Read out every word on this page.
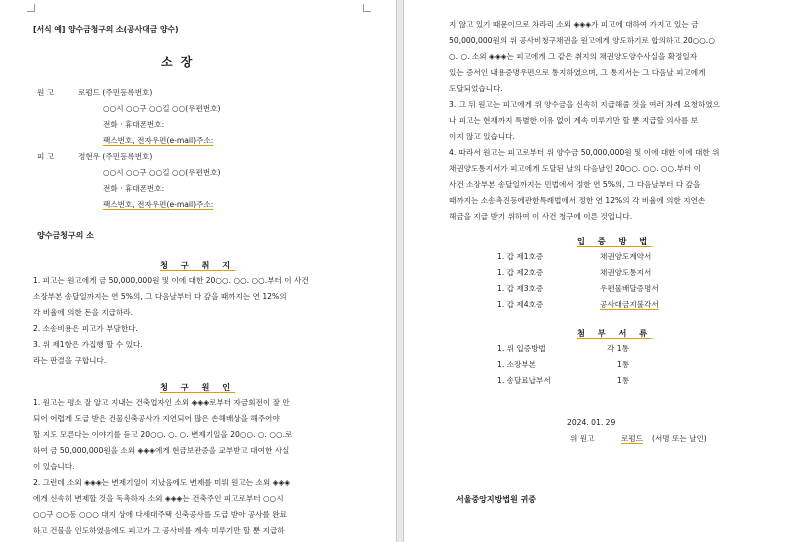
[서식 예] 양수금청구의 소(공사대금 양수)
소 장
원 고	로펌드 (주민등록번호)
○○시 ○○구 ○○길 ○○(우편번호)
전화 · 휴대폰번호:
팩스번호, 전자우편(e-mail)주소:
피 고	정현우 (주민등록번호)
○○시 ○○구 ○○길 ○○(우편번호)
전화 · 휴대폰번호:
팩스번호, 전자우편(e-mail)주소:
양수금청구의 소
청 구 취 지
1. 피고는 원고에게 금 50,000,000원 및 이에 대한 20○○. ○○. ○○.부터 이 사건
소장부본 송달일까지는 연 5%의, 그 다음날부터 다 갚을 때까지는 연 12%의
각 비율에 의한 돈을 지급하라.
2. 소송비용은 피고가 부담한다.
3. 위 제1항은 가집행 할 수 있다.
라는 판결을 구합니다.
청 구 원 인
1. 원고는 평소 잘 알고 지내는 건축업자인 소외 ◈◈◈로부터 자금회전이 잘 안
되어 어렵게 도급 받은 건물신축공사가 지연되어 많은 손해배상을 해주어야
할 지도 모른다는 이야기를 듣고 20○○. ○. ○. 변제기일을 20○○. ○. ○○.로
하여 금 50,000,000원을 소외 ◈◈◈에게 현금보관증을 교부받고 대여한 사실
이 있습니다.
2. 그런데 소외 ◈◈◈는 변제기일이 지났음에도 변제를 미뤄 원고는 소외 ◈◈◈
에게 신속히 변제할 것을 독촉하자 소외 ◈◈◈는 건축주인 피고로부터 ○○시
○○구 ○○동 ○○○ 대지 상에 다세대주택 신축공사를 도급 받아 공사를 완료
하고 건물을 인도하였음에도 피고가 그 공사비를 계속 미루기만 할 뿐 지급하
지 않고 있기 때문이므로 차라리 소외 ◈◈◈가 피고에 대하여 가지고 있는 금
50,000,000원의 위 공사비청구채권을 원고에게 양도하기로 합의하고 20○○.○
○. ○. 소외 ◈◈◈는 피고에게 그 같은 취지의 채권양도양수사실을 확정일자
있는 증서인 내용증명우편으로 통지하였으며, 그 통지서는 그 다음날 피고에게
도달되었습니다.
3. 그 뒤 원고는 피고에게 위 양수금을 신속히 지급해줄 것을 여러 차례 요청하였으
나 피고는 현재까지 특별한 이유 없이 계속 미루기만 할 뿐 지급할 의사를 보
이지 않고 있습니다.
4. 따라서 원고는 피고로부터 위 양수금 50,000,000원 및 이에 대한 이에 대한 위
채권양도통지서가 피고에게 도달된 날의 다음날인 20○○. ○○. ○○.부터 이
사건 소장부본 송달일까지는 민법에서 정한 연 5%의, 그 다음날부터 다 갚을
때까지는 소송촉진등에관한특례법에서 정한 연 12%의 각 비율에 의한 지연손
해금을 지급 받기 위하여 이 사건 청구에 이른 것입니다.
입 증 방 법
1. 갑 제1호증	채권양도계약서
1. 갑 제2호증	채권양도통지서
1. 갑 제3호증	우편물배달증명서
1. 갑 제4호증	공사대금지불각서
첨 부 서 류
1. 위 입증방법	각 1통
1. 소장부본	1통
1. 송달료납부서	1통
2024. 01. 29
위 원고	로펌드 (서명 또는 날인)
서울중앙지방법원 귀중
